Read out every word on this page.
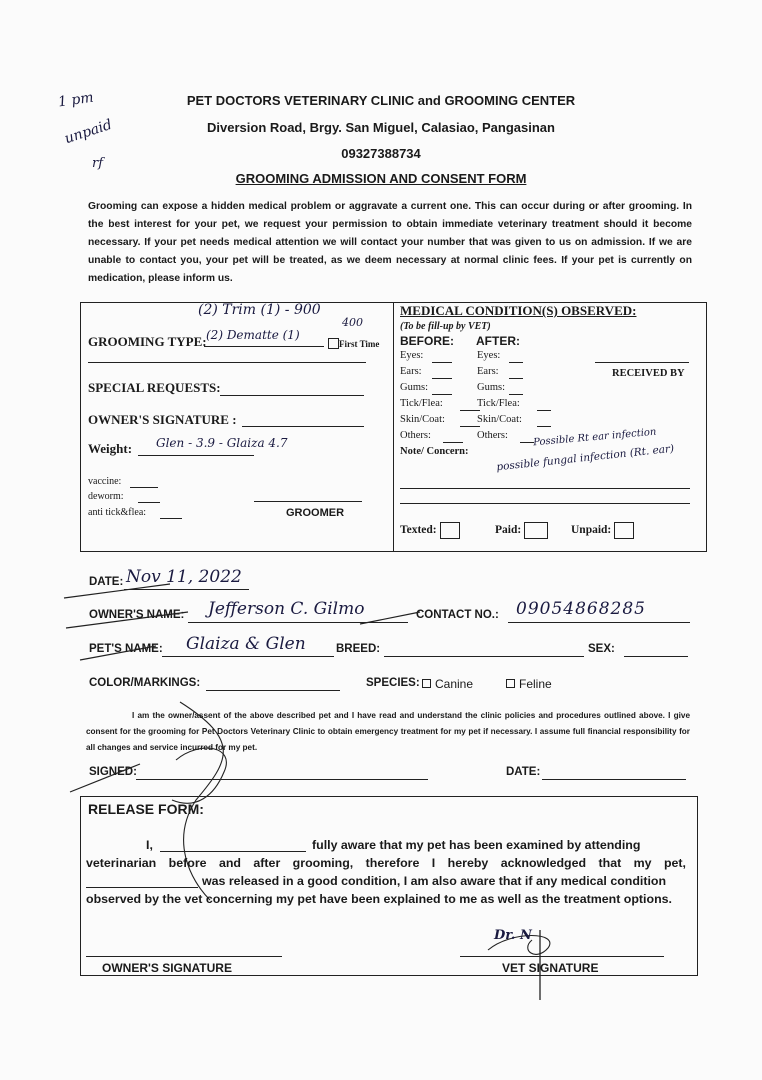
1 pm
unpaid
rf
PET DOCTORS VETERINARY CLINIC and GROOMING CENTER
Diversion Road, Brgy. San Miguel, Calasiao, Pangasinan
09327388734
GROOMING ADMISSION AND CONSENT FORM
Grooming can expose a hidden medical problem or aggravate a current one. This can occur during or after grooming. In the best interest for your pet, we request your permission to obtain immediate veterinary treatment should it become necessary. If your pet needs medical attention we will contact your number that was given to us on admission. If we are unable to contact you, your pet will be treated, as we deem necessary at normal clinic fees. If your pet is currently on medication, please inform us.
(2) Trim (1) - 900
GROOMING TYPE: (2) Dematte (1)
400
First Time
SPECIAL REQUESTS:
OWNER'S SIGNATURE :
Weight: Glen - 3.9 - Glaiza 4.7
vaccine:
deworm:
anti tick&flea:	GROOMER
MEDICAL CONDITION(S) OBSERVED:
(To be fill-up by VET)
BEFORE: AFTER:
Eyes:	Eyes:
Ears:	Ears:
Gums:	Gums:
Tick/Flea:	Tick/Flea:
Skin/Coat:	Skin/Coat:
Others:	Others:
RECEIVED BY
Possible Rt ear infection
Note/ Concern:	possible fungal infection (Rt. ear)
Texted:	Paid:	Unpaid:
DATE: Nov 11, 2022
OWNER'S NAME: Jefferson C. Gilmo	CONTACT NO.: 09054868285
PET'S NAME: Glaiza & Glen	BREED:	SEX:
COLOR/MARKINGS:	SPECIES:	Canine	Feline
I am the owner/assent of the above described pet and I have read and understand the clinic policies and procedures outlined above. I give consent for the grooming for Pet Doctors Veterinary Clinic to obtain emergency treatment for my pet if necessary. I assume full financial responsibility for all changes and service incurred for my pet.
SIGNED:	DATE:
RELEASE FORM:
I,	fully aware that my pet has been examined by attending
veterinarian before and after grooming, therefore I hereby acknowledged that my pet,
was released in a good condition, I am also aware that if any medical condition
observed by the vet concerning my pet have been explained to me as well as the treatment options.
OWNER'S SIGNATURE
Dr. N
VET SIGNATURE
